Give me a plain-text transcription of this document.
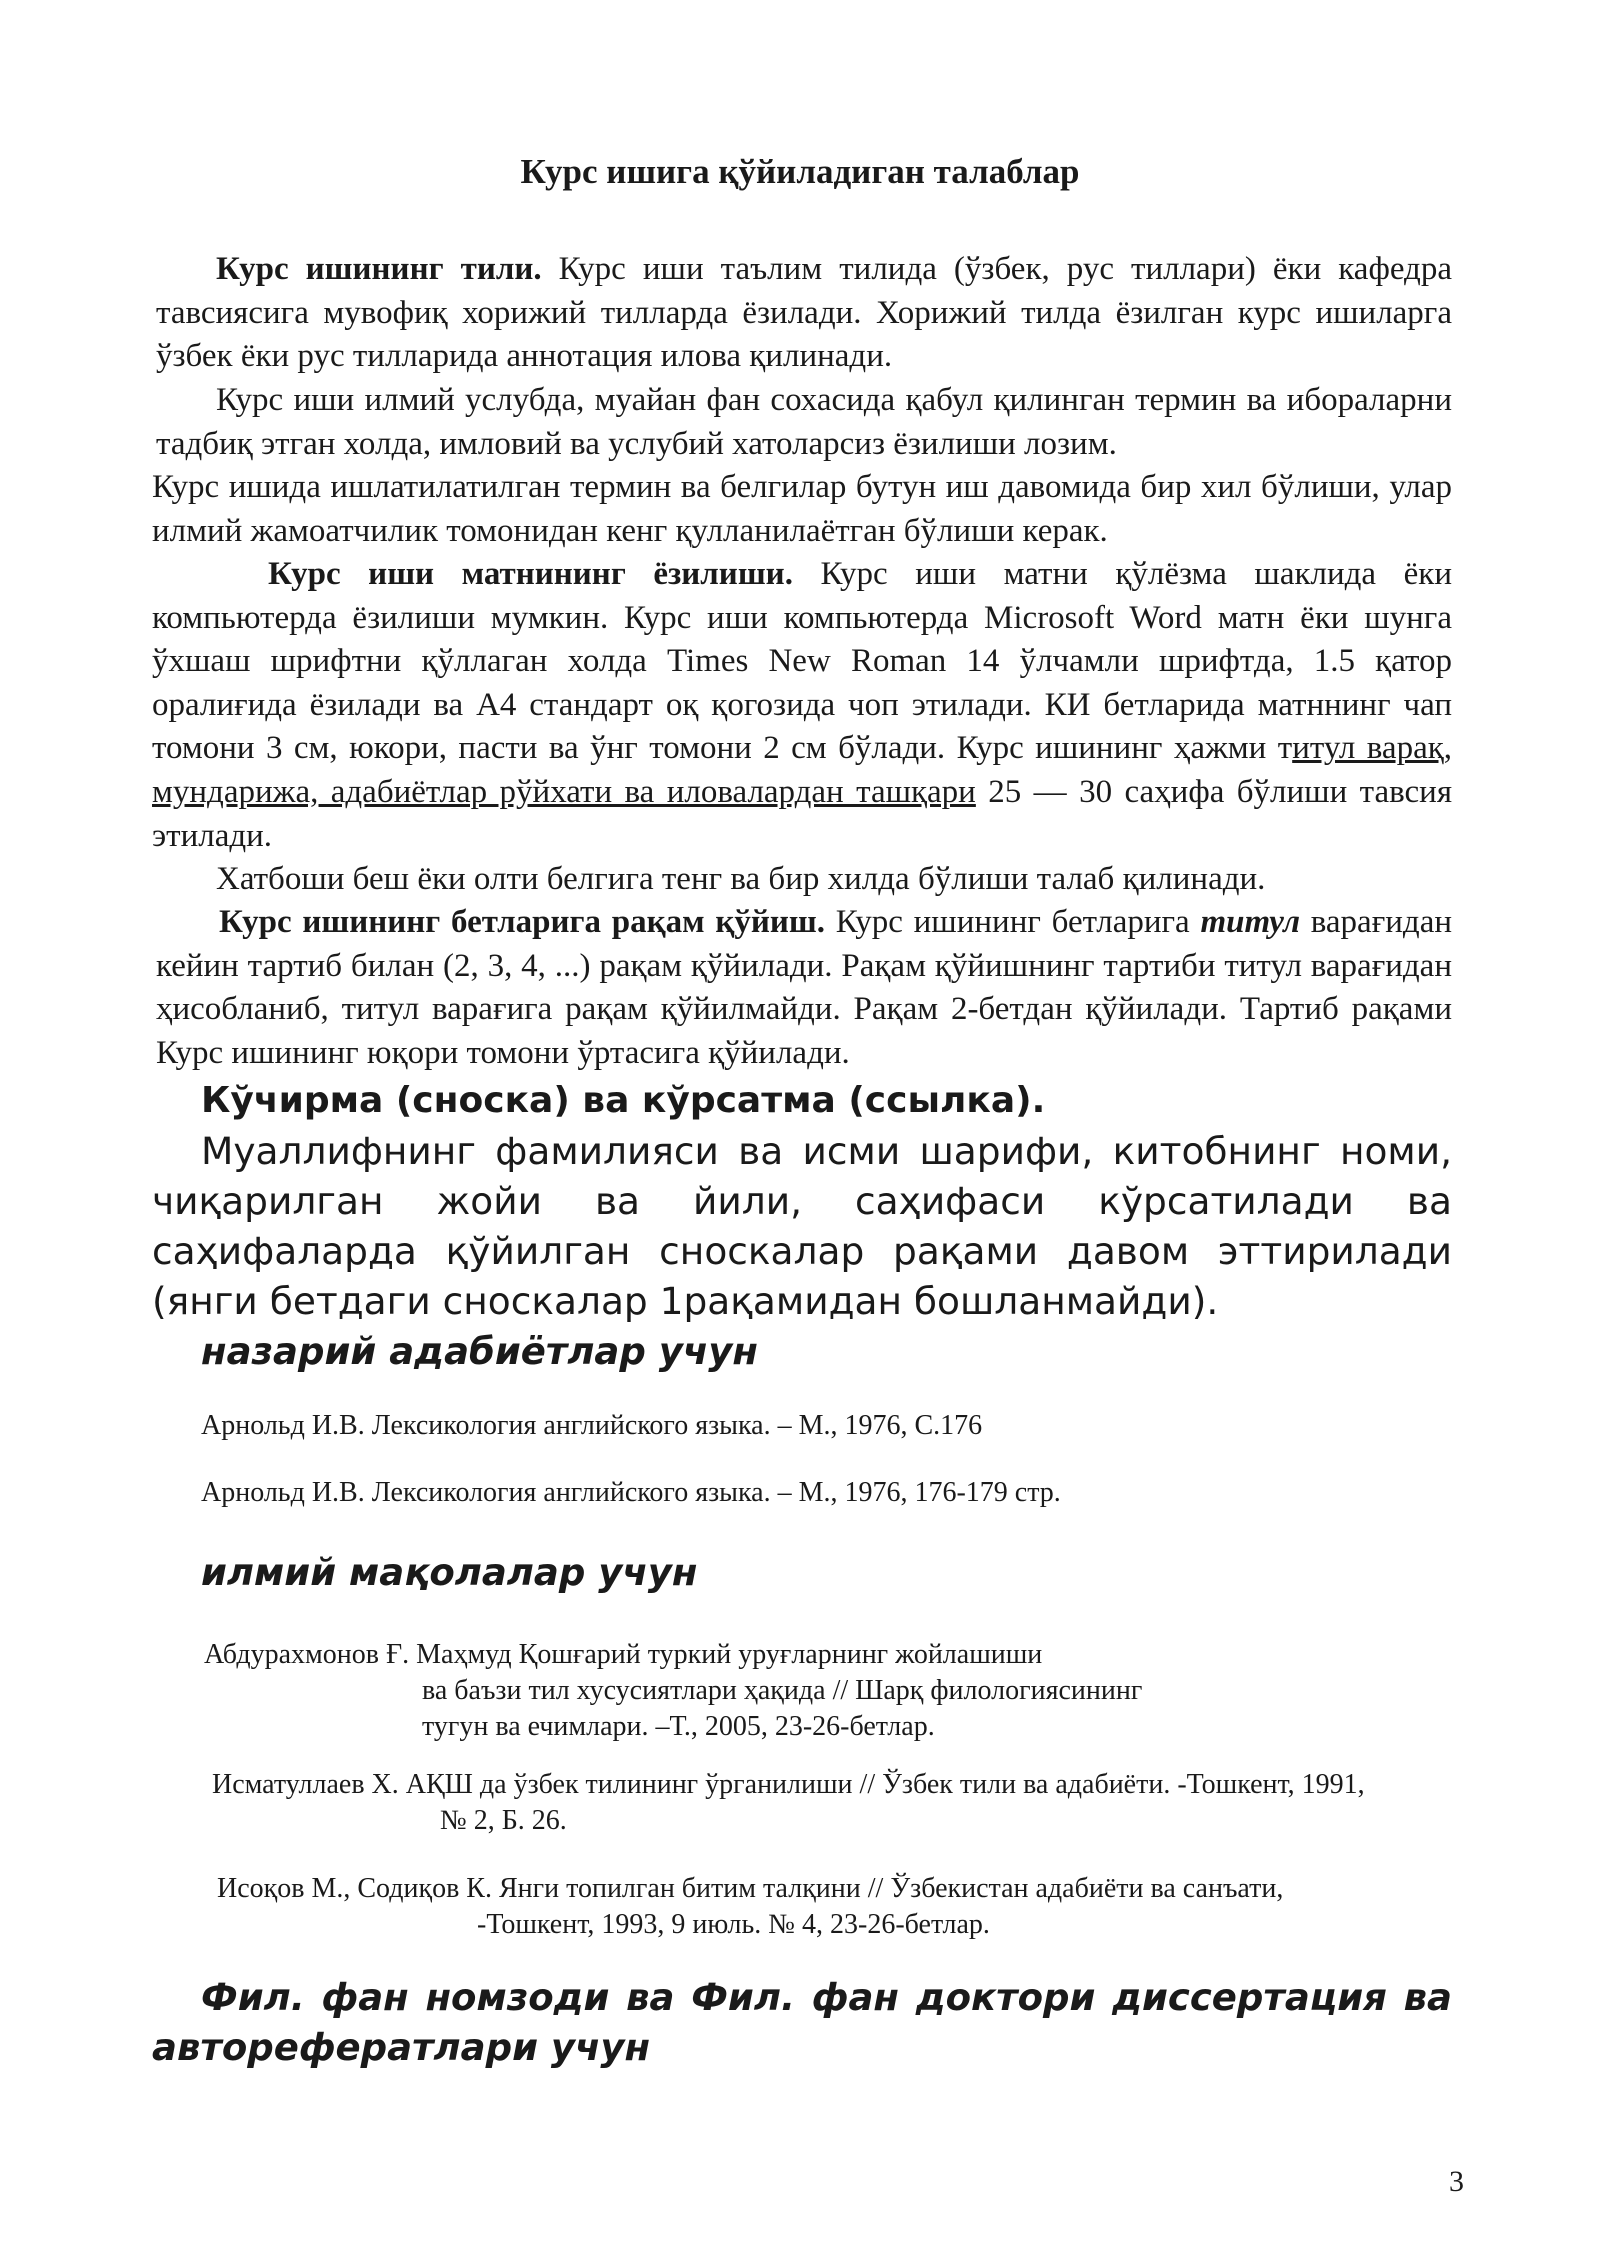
Курс ишига қўйиладиган талаблар
Курс ишининг тили. Курс иши таълим тилида (ўзбек, рус тиллари) ёки кафедра тавсиясига мувофиқ хорижий тилларда ёзилади. Хорижий тилда ёзилган курс ишиларга ўзбек ёки рус тилларида аннотация илова қилинади.
Курс иши илмий услубда, муайан фан сохасида қабул қилинган термин ва ибораларни тадбиқ этган холда, имловий ва услубий хатоларсиз ёзилиши лозим.
Курс ишида ишлатилатилган термин ва белгилар бутун иш давомида бир хил бўлиши, улар илмий жамоатчилик томонидан кенг қулланилаётган бўлиши керак.
Курс иши матнининг ёзилиши. Курс иши матни қўлёзма шаклида ёки компьютерда ёзилиши мумкин. Курс иши компьютерда Microsoft Word матн ёки шунга ўхшаш шрифтни қўллаган холда Times New Roman 14 ўлчамли шрифтда, 1.5 қатор оралиғида ёзилади ва А4 стандарт оқ қогозида чоп этилади. КИ бетларида матннинг чап томони 3 см, юкори, пасти ва ўнг томони 2 см бўлади. Курс ишининг ҳажми титул варақ, мундарижа, адабиётлар рўйхати ва иловалардан ташқари 25 — 30 саҳифа бўлиши тавсия этилади.
Хатбоши беш ёки олти белгига тенг ва бир хилда бўлиши талаб қилинади.
Курс ишининг бетларига рақам қўйиш. Курс ишининг бетларига титул варағидан кейин тартиб билан (2, 3, 4, ...) рақам қўйилади. Рақам қўйишнинг тартиби титул варағидан ҳисобланиб, титул варағига рақам қўйилмайди. Рақам 2-бетдан қўйилади. Тартиб рақами Курс ишининг юқори томони ўртасига қўйилади.
Кўчирма (сноска) ва кўрсатма (ссылка).
Муаллифнинг фамилияси ва исми шарифи, китобнинг номи, чиқарилган жойи ва йили, саҳифаси кўрсатилади ва саҳифаларда қўйилган сноскалар рақами давом эттирилади (янги бетдаги сноскалар 1рақамидан бошланмайди).
назарий адабиётлар учун
Арнольд И.В. Лексикология английского языка. – М., 1976, С.176
Арнольд И.В. Лексикология английского языка. – М., 1976, 176-179 стр.
илмий мақолалар учун
Абдурахмонов Ғ. Маҳмуд Қошғарий туркий уруғларнинг жойлашиши
ва баъзи тил хусусиятлари ҳақида // Шарқ филологиясининг
тугун ва ечимлари. –Т., 2005, 23-26-бетлар.
Исматуллаев Х. АҚШ да ўзбек тилининг ўрганилиши // Ўзбек тили ва адабиёти. -Тошкент, 1991,
№ 2, Б. 26.
Исоқов М., Содиқов К. Янги топилган битим талқини // Ўзбекистан адабиёти ва санъати,
-Тошкент, 1993, 9 июль. № 4, 23-26-бетлар.
Фил. фан номзоди ва Фил. фан доктори диссертация ва авторефератлари учун
3
